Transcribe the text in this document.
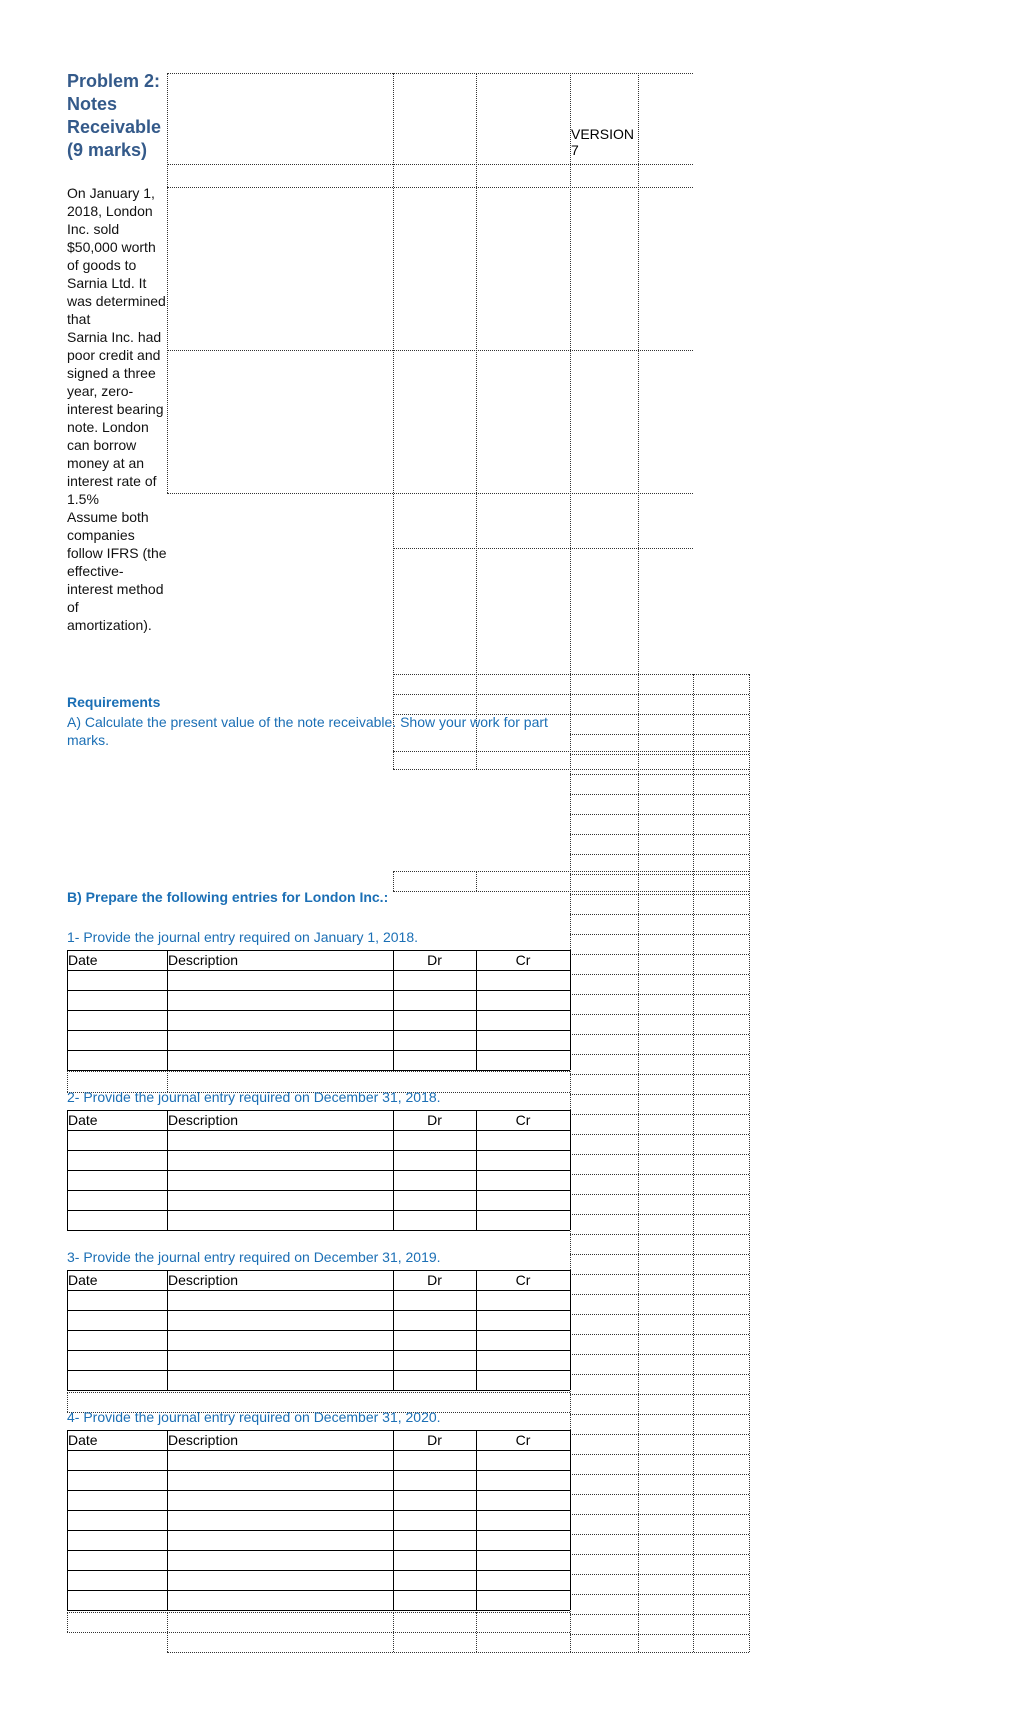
Problem 2: Notes Receivable (9 marks)
VERSION 7

On January 1, 2018, London Inc. sold $50,000 worth of goods to Sarnia Ltd. It was determined that

Sarnia Inc. had poor credit and signed a three year, zero-interest bearing note. London can borrow money at an interest rate of 1.5%

Assume both companies follow IFRS (the effective-interest method of amortization).

Requirements
A) Calculate the present value of the note receivable. Show your work for part marks.
B) Prepare the following entries for London Inc.:
1- Provide the journal entry required on January 1, 2018.
Date	Description	Dr	Cr
2- Provide the journal entry required on December 31, 2018.
Date	Description	Dr	Cr
3- Provide the journal entry required on December 31, 2019.
Date	Description	Dr	Cr
4- Provide the journal entry required on December 31, 2020.
Date	Description	Dr	Cr
